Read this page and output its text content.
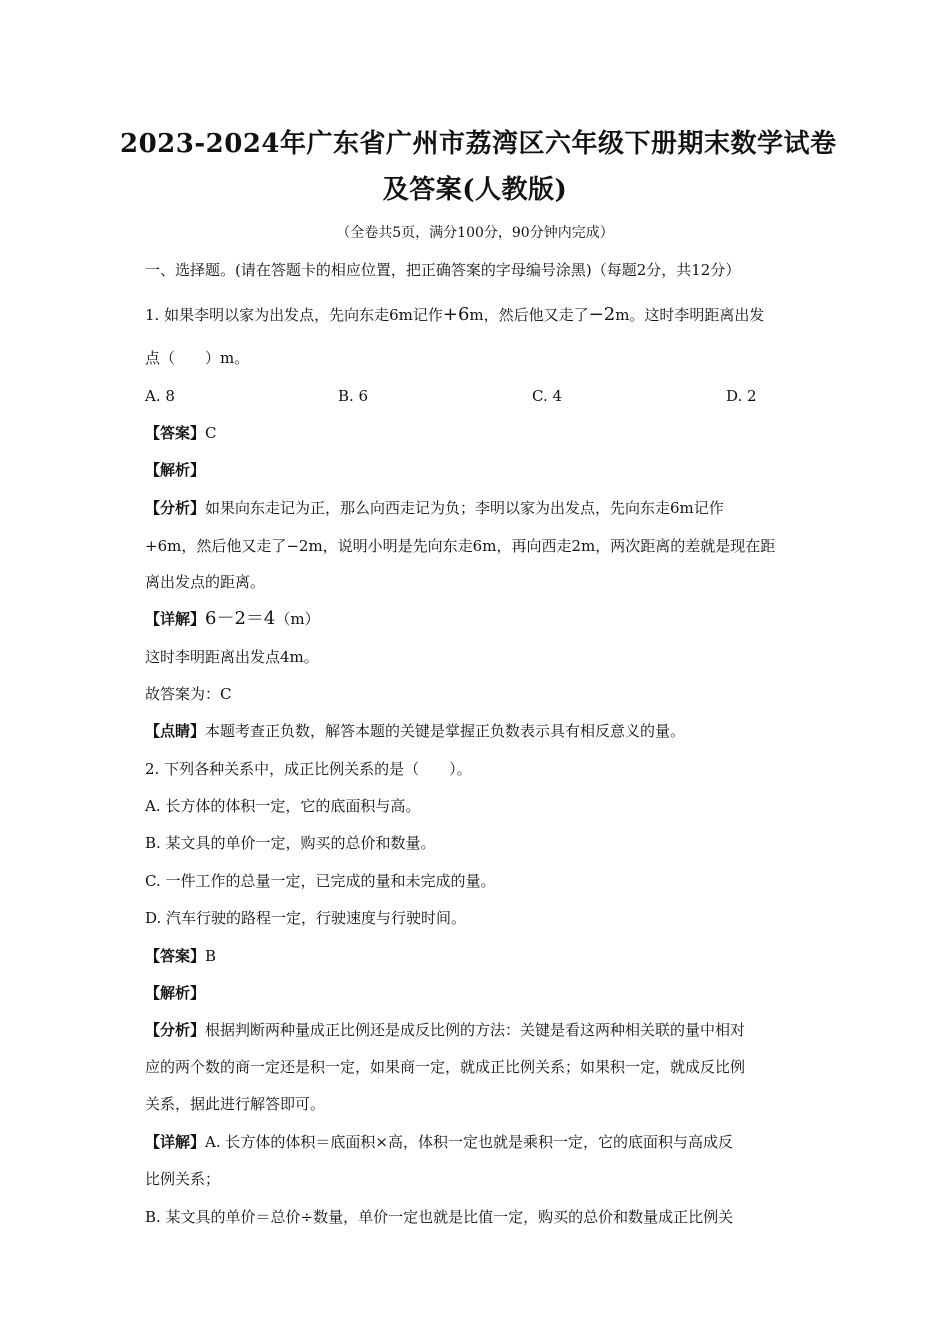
2023-2024年广东省广州市荔湾区六年级下册期末数学试卷
及答案(人教版)
（全卷共5页，满分100分，90分钟内完成）
一、选择题。(请在答题卡的相应位置，把正确答案的字母编号涂黑)（每题2分，共12分）
1. 如果李明以家为出发点，先向东走6m记作+6m，然后他又走了−2m。这时李明距离出发
点（　　）m。
A. 8	B. 6	C. 4	D. 2
【答案】C
【解析】
【分析】如果向东走记为正，那么向西走记为负；李明以家为出发点，先向东走6m记作
+6m，然后他又走了−2m，说明小明是先向东走6m，再向西走2m，两次距离的差就是现在距
离出发点的距离。
【详解】6－2＝4（m）
这时李明距离出发点4m。
故答案为：C
【点睛】本题考查正负数，解答本题的关键是掌握正负数表示具有相反意义的量。
2. 下列各种关系中，成正比例关系的是（　　）。
A. 长方体的体积一定，它的底面积与高。
B. 某文具的单价一定，购买的总价和数量。
C. 一件工作的总量一定，已完成的量和未完成的量。
D. 汽车行驶的路程一定，行驶速度与行驶时间。
【答案】B
【解析】
【分析】根据判断两种量成正比例还是成反比例的方法：关键是看这两种相关联的量中相对
应的两个数的商一定还是积一定，如果商一定，就成正比例关系；如果积一定，就成反比例
关系，据此进行解答即可。
【详解】A. 长方体的体积＝底面积×高，体积一定也就是乘积一定，它的底面积与高成反
比例关系；
B. 某文具的单价＝总价÷数量，单价一定也就是比值一定，购买的总价和数量成正比例关
